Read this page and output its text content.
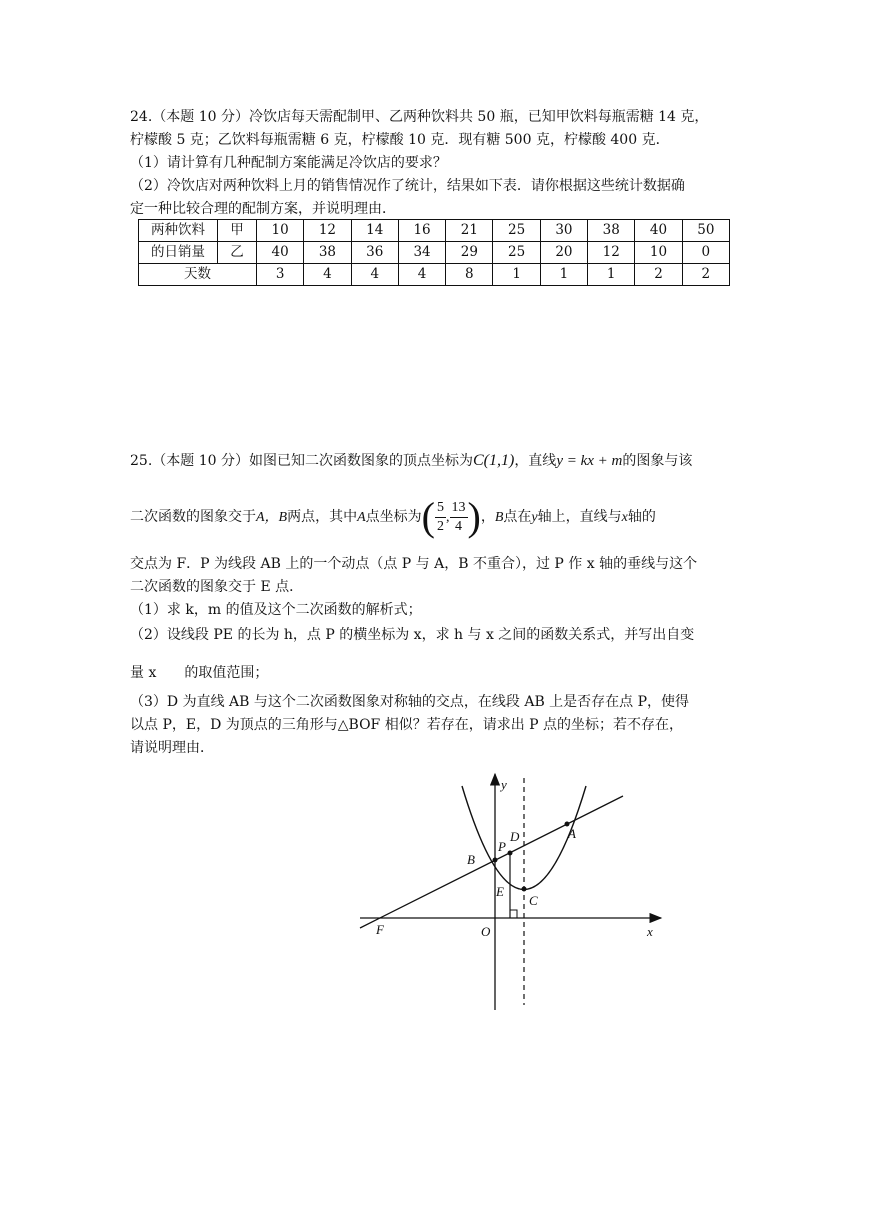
24.（本题 10 分）冷饮店每天需配制甲、乙两种饮料共 50 瓶，已知甲饮料每瓶需糖 14 克，
柠檬酸 5 克；乙饮料每瓶需糖 6 克，柠檬酸 10 克．现有糖 500 克，柠檬酸 400 克．
（1）请计算有几种配制方案能满足冷饮店的要求？
（2）冷饮店对两种饮料上月的销售情况作了统计，结果如下表．请你根据这些统计数据确
定一种比较合理的配制方案，并说明理由．
两种饮料	甲	10	12	14	16	21	25	30	38	40	50
的日销量	乙	40	38	36	34	29	25	20	12	10	0
天数		3	4	4	4	8	1	1	1	2	2
25.（本题 10 分）如图已知二次函数图象的顶点坐标为C(1,1)，直线y = kx + m的图象与该
二次函数的图象交于A，B两点，其中A点坐标为( $\frac{5}{2}$ , $\frac{13}{4}$ )，B点在y轴上，直线与x轴的
交点为 F．P 为线段 AB 上的一个动点（点 P 与 A，B 不重合），过 P 作 x 轴的垂线与这个
二次函数的图象交于 E 点．
（1）求 k，m 的值及这个二次函数的解析式；
（2）设线段 PE 的长为 h，点 P 的横坐标为 x，求 h 与 x 之间的函数关系式，并写出自变
量 x　　的取值范围；
（3）D 为直线 AB 与这个二次函数图象对称轴的交点，在线段 AB 上是否存在点 P，使得
以点 P，E，D 为顶点的三角形与△BOF 相似？若存在，请求出 P 点的坐标；若不存在，
请说明理由．
y
x
O
F
B
P
D
E
C
A
